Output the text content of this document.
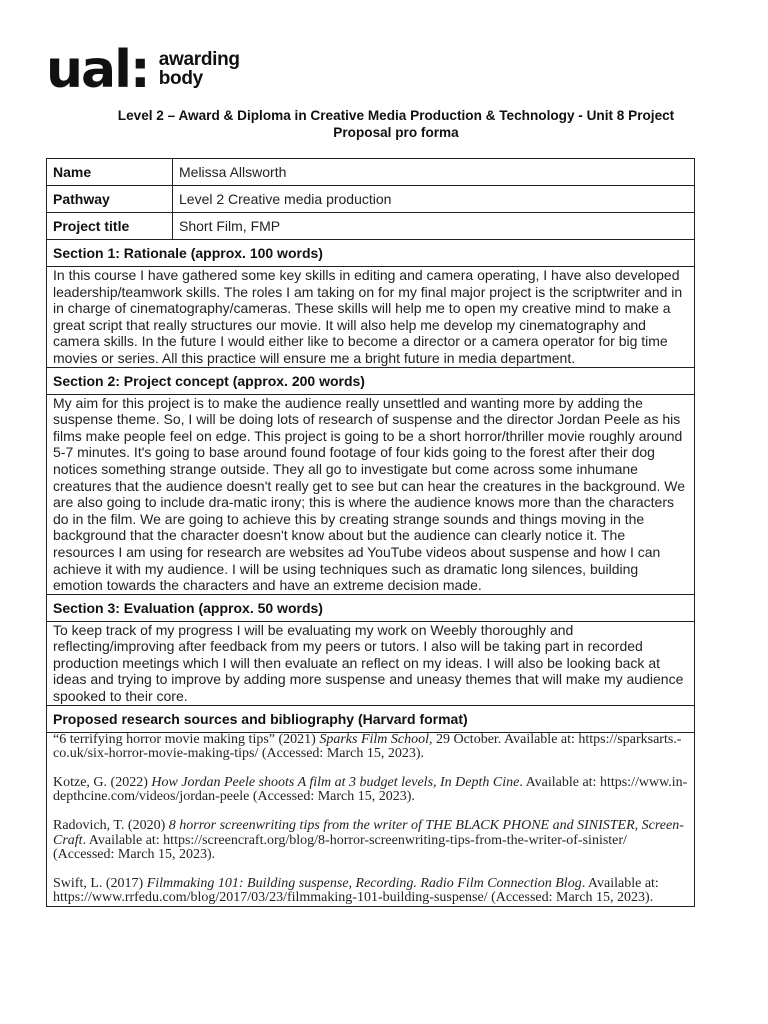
ual: awarding
body
Level 2 – Award & Diploma in Creative Media Production & Technology - Unit 8 Project
Proposal pro forma
Name	Melissa Allsworth
Pathway	Level 2 Creative media production
Project title	Short Film, FMP
Section 1: Rationale (approx. 100 words)	
In this course I have gathered some key skills in editing and camera operating, I have also developed leadership/teamwork skills. The roles I am taking on for my final major project is the scriptwriter and in in charge of cinematography/cameras. These skills will help me to open my creative mind to make a great script that really structures our movie. It will also help me develop my cinematography and camera skills. In the future I would either like to become a director or a camera operator for big time movies or series. All this practice will ensure me a bright future in media department.	
Section 2: Project concept (approx. 200 words)	
My aim for this project is to make the audience really unsettled and wanting more by adding the suspense theme. So, I will be doing lots of research of suspense and the director Jordan Peele as his films make people feel on edge. This project is going to be a short horror/thriller movie roughly around 5-7 minutes. It's going to base around found footage of four kids going to the forest after their dog notices something strange outside. They all go to investigate but come across some inhumane creatures that the audience doesn't really get to see but can hear the creatures in the background. We are also going to include dra-matic irony; this is where the audience knows more than the characters do in the film. We are going to achieve this by creating strange sounds and things moving in the background that the character doesn't know about but the audience can clearly notice it. The resources I am using for research are websites ad YouTube videos about suspense and how I can achieve it with my audience. I will be using techniques such as dramatic long silences, building emotion towards the characters and have an extreme decision made.	
Section 3: Evaluation (approx. 50 words)	
To keep track of my progress I will be evaluating my work on Weebly thoroughly and reflecting/improving after feedback from my peers or tutors. I also will be taking part in recorded production meetings which I will then evaluate an reflect on my ideas. I will also be looking back at ideas and trying to improve by adding more suspense and uneasy themes that will make my audience spooked to their core.	
Proposed research sources and bibliography (Harvard format)	

“6 terrifying horror movie making tips” (2021) Sparks Film School, 29 October. Available at: https://sparksarts.-co.uk/six-horror-movie-making-tips/ (Accessed: March 15, 2023).

Kotze, G. (2022) How Jordan Peele shoots A film at 3 budget levels, In Depth Cine. Available at: https://www.in-depthcine.com/videos/jordan-peele (Accessed: March 15, 2023).

Radovich, T. (2020) 8 horror screenwriting tips from the writer of THE BLACK PHONE and SINISTER, Screen-Craft. Available at: https://screencraft.org/blog/8-horror-screenwriting-tips-from-the-writer-of-sinister/ (Accessed: March 15, 2023).

Swift, L. (2017) Filmmaking 101: Building suspense, Recording. Radio Film Connection Blog. Available at: https://www.rrfedu.com/blog/2017/03/23/filmmaking-101-building-suspense/ (Accessed: March 15, 2023).	
